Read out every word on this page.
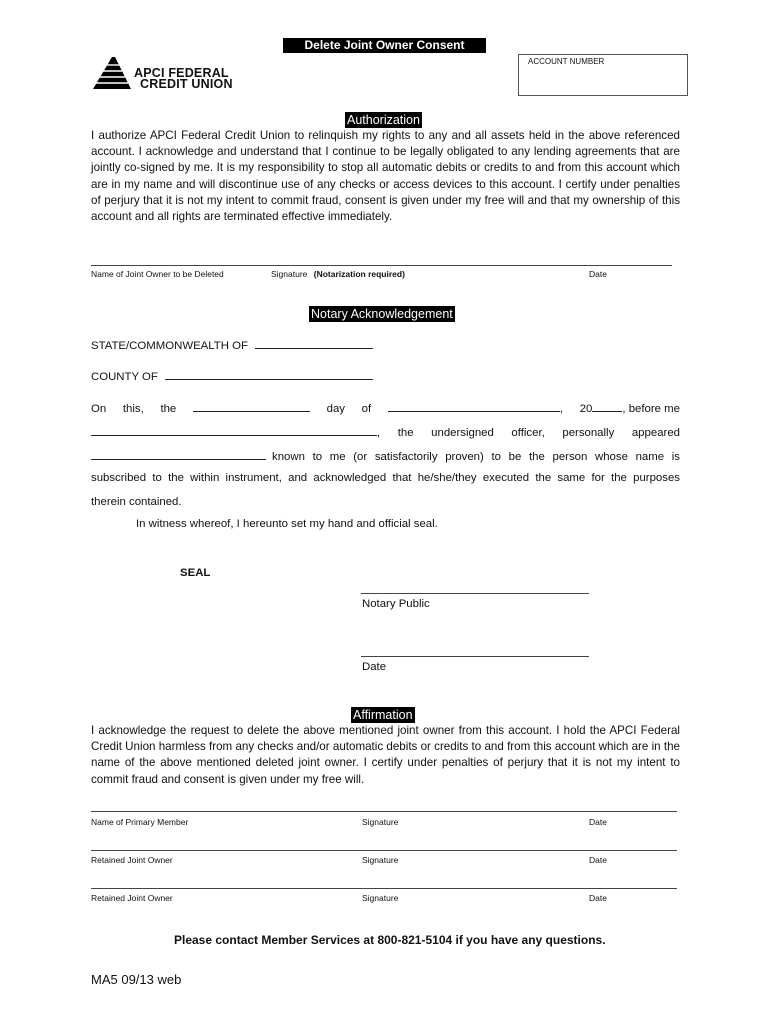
Delete Joint Owner Consent
APCI FEDERAL
CREDIT UNION
ACCOUNT NUMBER
Authorization
I authorize APCI Federal Credit Union to relinquish my rights to any and all assets held in the above referenced account. I acknowledge and understand that I continue to be legally obligated to any lending agreements that are jointly co-signed by me. It is my responsibility to stop all automatic debits or credits to and from this account which are in my name and will discontinue use of any checks or access devices to this account. I certify under penalties of perjury that it is not my intent to commit fraud, consent is given under my free will and that my ownership of this account and all rights are terminated effective immediately.
Name of Joint Owner to be Deleted	Signature (Notarization required)	Date
Notary Acknowledgement
STATE/COMMONWEALTH OF
COUNTY OF
On this, the	day of	, 20	, before me
, the undersigned officer, personally appeared
known to me (or satisfactorily proven) to be the person whose name is
subscribed to the within instrument, and acknowledged that he/she/they executed the same for the purposes
therein contained.
In witness whereof, I hereunto set my hand and official seal.
SEAL
Notary Public
Date
Affirmation
I acknowledge the request to delete the above mentioned joint owner from this account. I hold the APCI Federal Credit Union harmless from any checks and/or automatic debits or credits to and from this account which are in the name of the above mentioned deleted joint owner. I certify under penalties of perjury that it is not my intent to commit fraud and consent is given under my free will.
Name of Primary Member	Signature	Date
Retained Joint Owner	Signature	Date
Retained Joint Owner	Signature	Date
Please contact Member Services at 800-821-5104 if you have any questions.
MA5 09/13 web
